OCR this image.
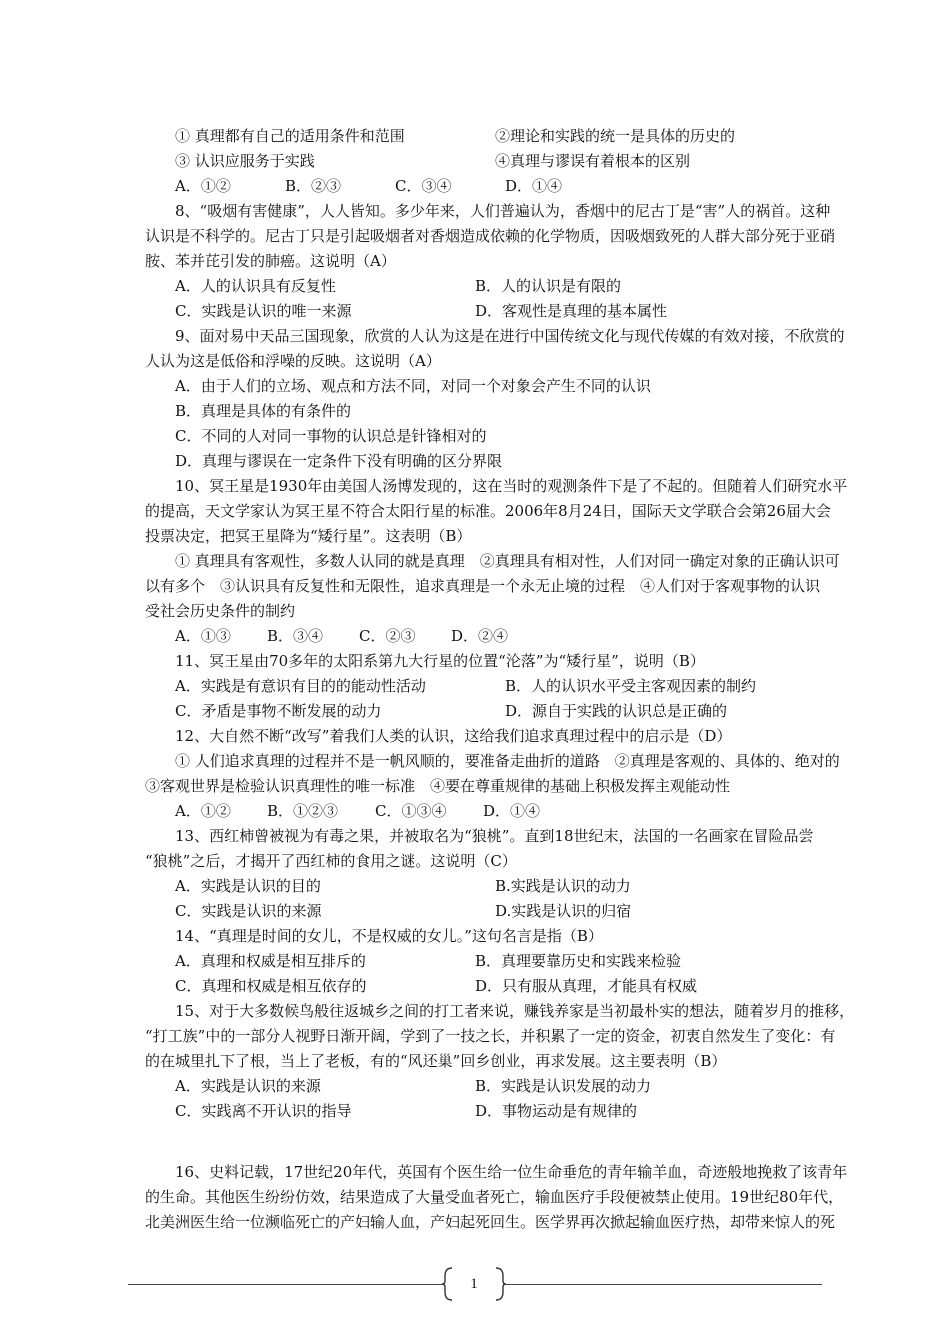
① 真理都有自己的适用条件和范围	②理论和实践的统一是具体的历史的
③ 认识应服务于实践	④真理与谬误有着根本的区别
A．①②	B．②③	C．③④	D．①④
8、“吸烟有害健康”，人人皆知。多少年来，人们普遍认为，香烟中的尼古丁是“害”人的祸首。这种
认识是不科学的。尼古丁只是引起吸烟者对香烟造成依赖的化学物质，因吸烟致死的人群大部分死于亚硝
胺、苯并芘引发的肺癌。这说明（A）
A．人的认识具有反复性	B．人的认识是有限的
C．实践是认识的唯一来源	D．客观性是真理的基本属性
9、面对易中天品三国现象，欣赏的人认为这是在进行中国传统文化与现代传媒的有效对接，不欣赏的
人认为这是低俗和浮噪的反映。这说明（A）
A．由于人们的立场、观点和方法不同，对同一个对象会产生不同的认识
B．真理是具体的有条件的
C．不同的人对同一事物的认识总是针锋相对的
D．真理与谬误在一定条件下没有明确的区分界限
10、冥王星是1930年由美国人汤博发现的，这在当时的观测条件下是了不起的。但随着人们研究水平
的提高，天文学家认为冥王星不符合太阳行星的标准。2006年8月24日，国际天文学联合会第26届大会
投票决定，把冥王星降为“矮行星”。这表明（B）
① 真理具有客观性，多数人认同的就是真理　②真理具有相对性，人们对同一确定对象的正确认识可
以有多个　③认识具有反复性和无限性，追求真理是一个永无止境的过程　④人们对于客观事物的认识
受社会历史条件的制约
A．①③ B．③④ C．②③ D．②④
11、冥王星由70多年的太阳系第九大行星的位置“沦落”为“矮行星”，说明（B）
A．实践是有意识有目的的能动性活动	B．人的认识水平受主客观因素的制约
C．矛盾是事物不断发展的动力	D．源自于实践的认识总是正确的
12、大自然不断“改写”着我们人类的认识，这给我们追求真理过程中的启示是（D）
① 人们追求真理的过程并不是一帆风顺的，要准备走曲折的道路　②真理是客观的、具体的、绝对的
③客观世界是检验认识真理性的唯一标准　④要在尊重规律的基础上积极发挥主观能动性
A．①② B．①②③ C．①③④ D．①④
13、西红柿曾被视为有毒之果，并被取名为“狼桃”。直到18世纪末，法国的一名画家在冒险品尝
“狼桃”之后，才揭开了西红柿的食用之谜。这说明（C）
A．实践是认识的目的	B.实践是认识的动力
C．实践是认识的来源	D.实践是认识的归宿
14、“真理是时间的女儿，不是权威的女儿。”这句名言是指（B）
A．真理和权威是相互排斥的	B．真理要靠历史和实践来检验
C．真理和权威是相互依存的	D．只有服从真理，才能具有权威
15、对于大多数候鸟般往返城乡之间的打工者来说，赚钱养家是当初最朴实的想法，随着岁月的推移，
“打工族”中的一部分人视野日渐开阔，学到了一技之长，并积累了一定的资金，初衷自然发生了变化：有
的在城里扎下了根，当上了老板，有的“风还巢”回乡创业，再求发展。这主要表明（B）
A．实践是认识的来源	B．实践是认识发展的动力
C．实践离不开认识的指导	D．事物运动是有规律的
16、史料记载，17世纪20年代，英国有个医生给一位生命垂危的青年输羊血，奇迹般地挽救了该青年
的生命。其他医生纷纷仿效，结果造成了大量受血者死亡，输血医疗手段便被禁止使用。19世纪80年代，
北美洲医生给一位濒临死亡的产妇输人血，产妇起死回生。医学界再次掀起输血医疗热，却带来惊人的死
1
